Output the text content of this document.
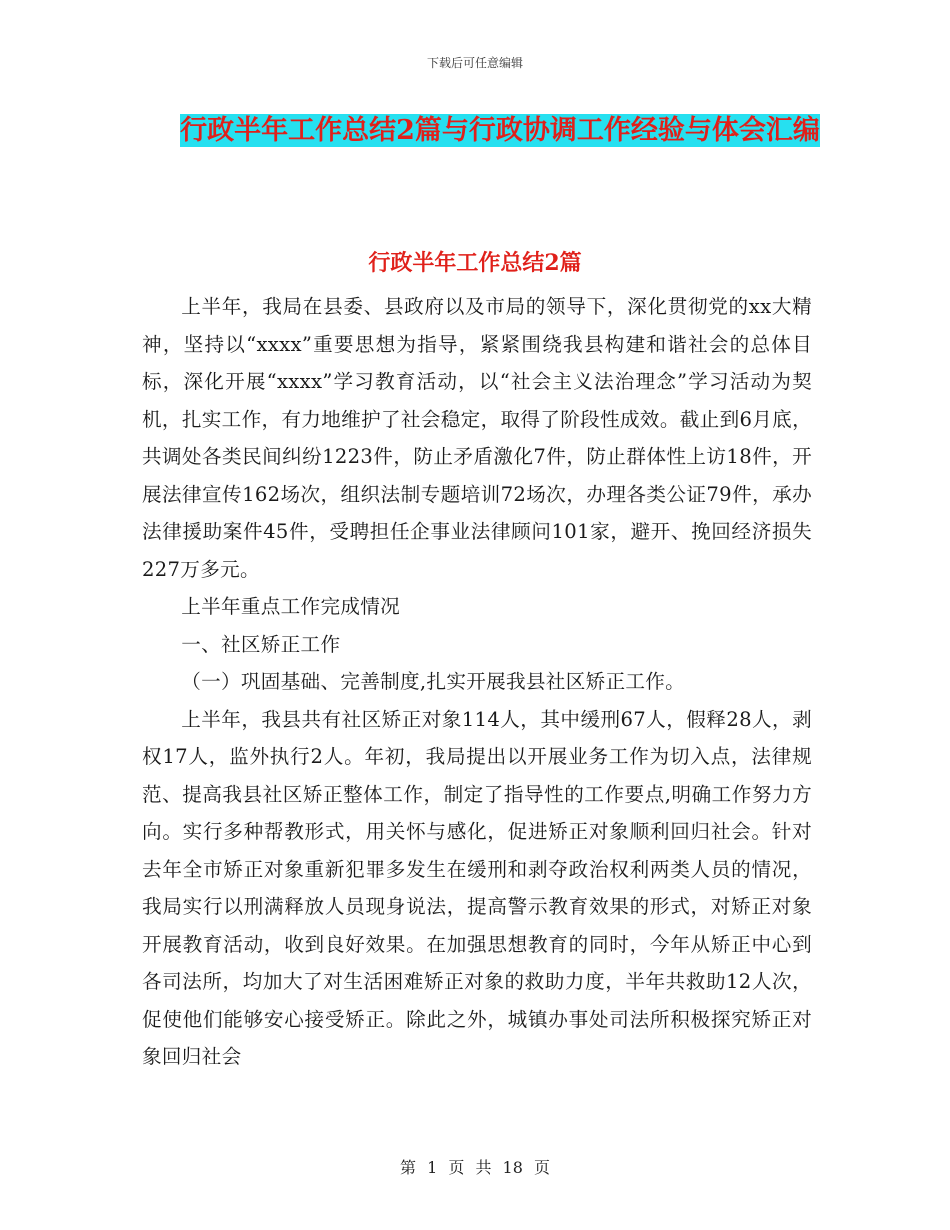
下载后可任意编辑
行政半年工作总结2篇与行政协调工作经验与体会汇编
行政半年工作总结2篇

上半年，我局在县委、县政府以及市局的领导下，深化贯彻党的xx大精神，坚持以“xxxx”重要思想为指导，紧紧围绕我县构建和谐社会的总体目标，深化开展“xxxx”学习教育活动，以“社会主义法治理念”学习活动为契机，扎实工作，有力地维护了社会稳定，取得了阶段性成效。截止到6月底，共调处各类民间纠纷1223件，防止矛盾激化7件，防止群体性上访18件，开展法律宣传162场次，组织法制专题培训72场次，办理各类公证79件，承办法律援助案件45件，受聘担任企事业法律顾问101家，避开、挽回经济损失227万多元。

上半年重点工作完成情况

一、社区矫正工作

（一）巩固基础、完善制度,扎实开展我县社区矫正工作。

上半年，我县共有社区矫正对象114人，其中缓刑67人，假释28人，剥权17人，监外执行2人。年初，我局提出以开展业务工作为切入点，法律规范、提高我县社区矫正整体工作，制定了指导性的工作要点,明确工作努力方向。实行多种帮教形式，用关怀与感化，促进矫正对象顺利回归社会。针对去年全市矫正对象重新犯罪多发生在缓刑和剥夺政治权利两类人员的情况，我局实行以刑满释放人员现身说法，提高警示教育效果的形式，对矫正对象开展教育活动，收到良好效果。在加强思想教育的同时，今年从矫正中心到各司法所，均加大了对生活困难矫正对象的救助力度，半年共救助12人次，促使他们能够安心接受矫正。除此之外，城镇办事处司法所积极探究矫正对象回归社会

第 1 页 共 18 页
